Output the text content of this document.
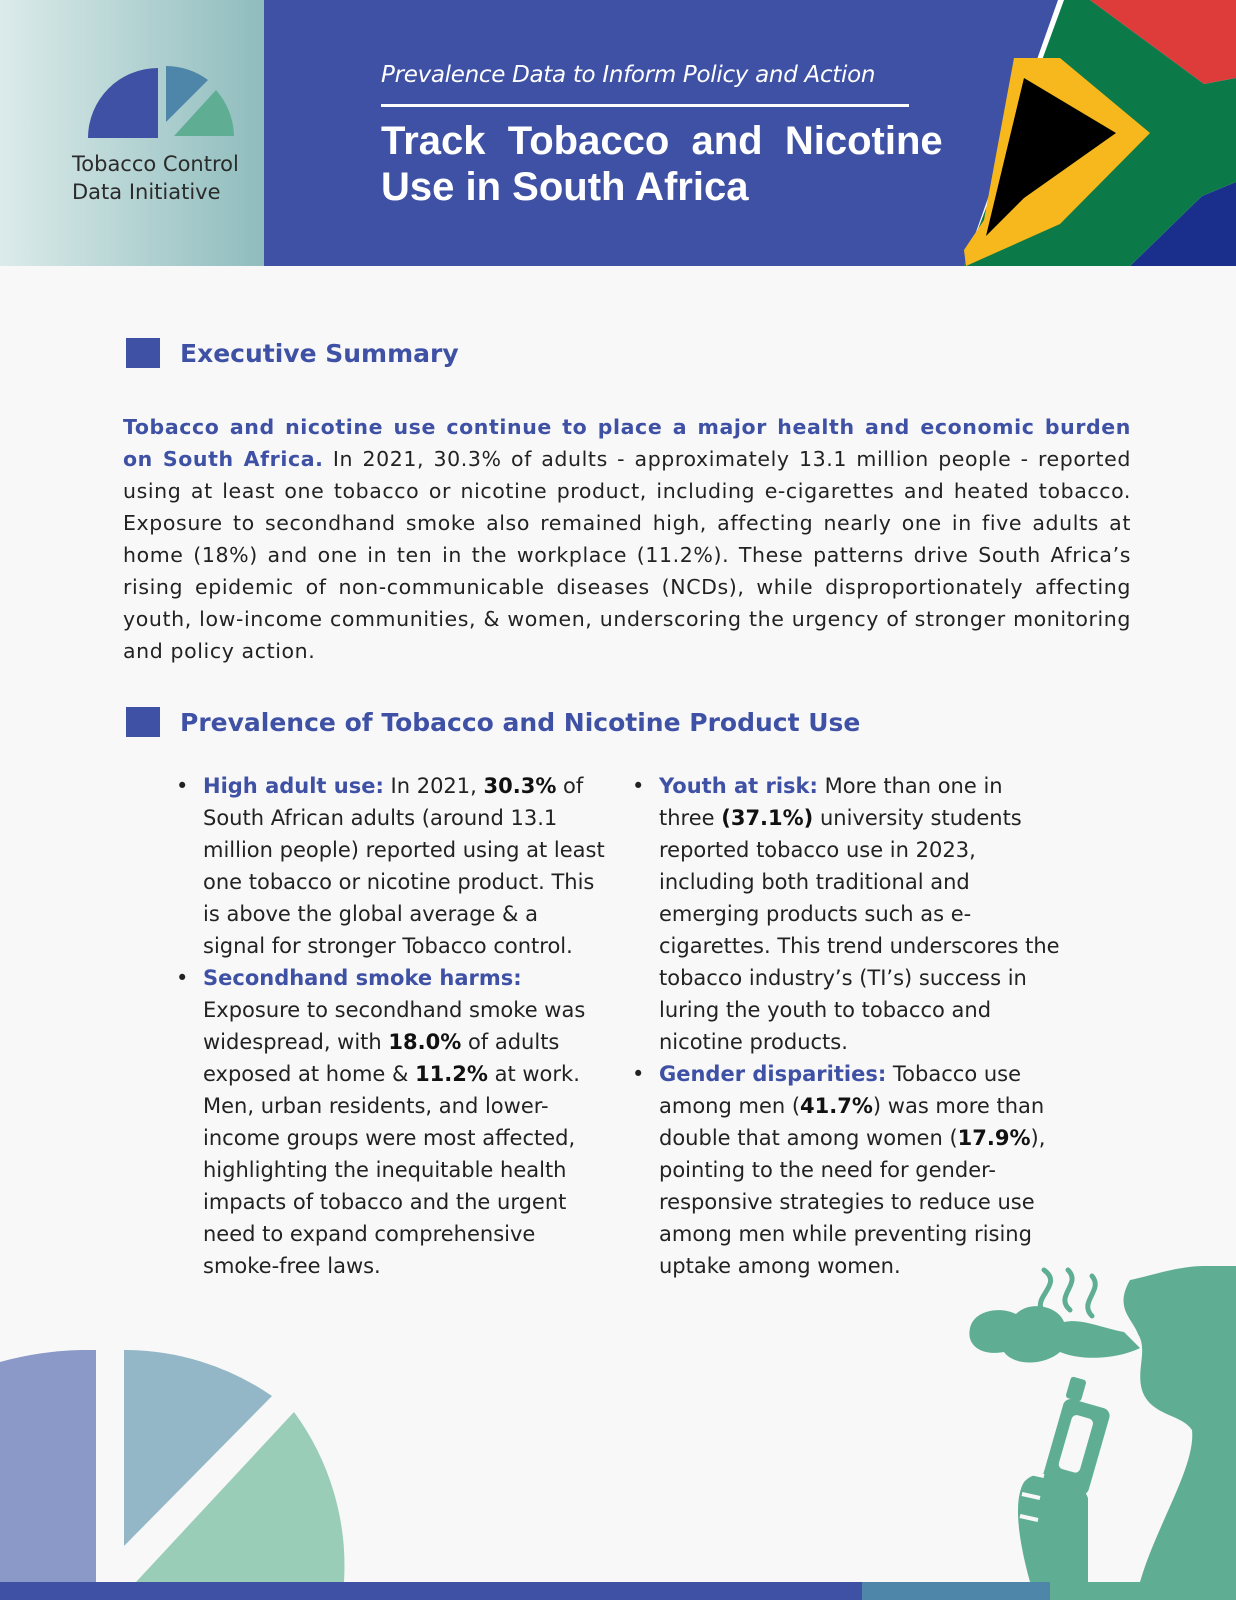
Tobacco Control
Data Initiative
Prevalence Data to Inform Policy and Action
Track  Tobacco  and  Nicotine
Use in South Africa
Executive Summary

Tobacco and nicotine use continue to place a major health and economic burden on South Africa. In 2021, 30.3% of adults - approximately 13.1 million people - reported using at least one tobacco or nicotine product, including e-cigarettes and heated tobacco. Exposure to secondhand smoke also remained high, affecting nearly one in five adults at home (18%) and one in ten in the workplace (11.2%). These patterns drive South Africa’s rising epidemic of non-communicable diseases (NCDs), while disproportionately affecting youth, low-income communities, & women, underscoring the urgency of stronger monitoring and policy action.

Prevalence of Tobacco and Nicotine Product Use
• High adult use: In 2021, 30.3% of South African adults (around 13.1 million people) reported using at least one tobacco or nicotine product. This is above the global average & a signal for stronger Tobacco control.
• Secondhand smoke harms: Exposure to secondhand smoke was widespread, with 18.0% of adults exposed at home & 11.2% at work. Men, urban residents, and lower-income groups were most affected, highlighting the inequitable health impacts of tobacco and the urgent need to expand comprehensive smoke-free laws.
• Youth at risk: More than one in three (37.1%) university students reported tobacco use in 2023, including both traditional and emerging products such as e-cigarettes. This trend underscores the tobacco industry’s (TI’s) success in luring the youth to tobacco and nicotine products.
• Gender disparities: Tobacco use among men (41.7%) was more than double that among women (17.9%), pointing to the need for gender-responsive strategies to reduce use among men while preventing rising uptake among women.
